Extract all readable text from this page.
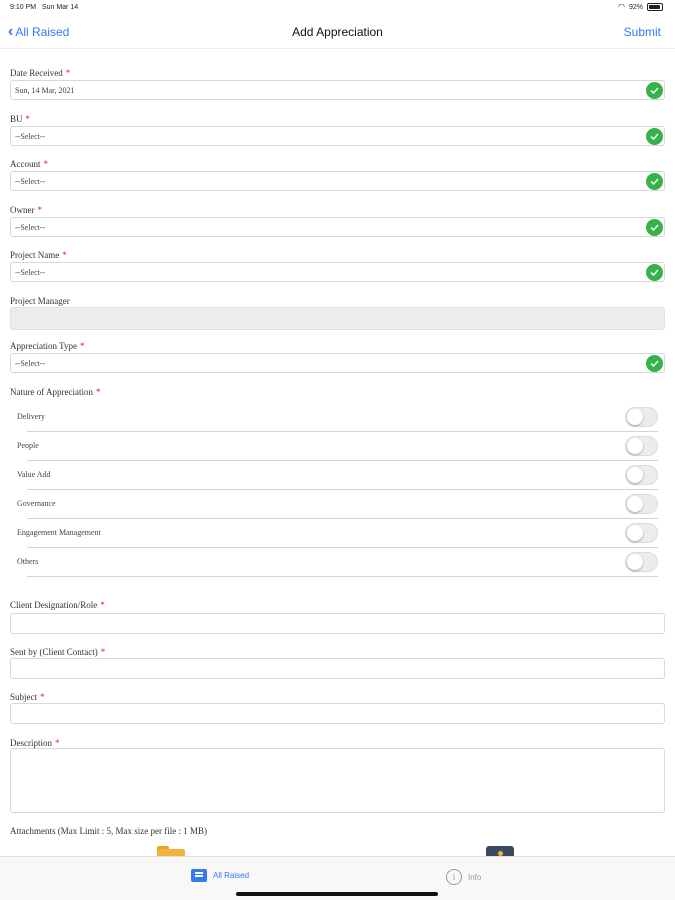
9:10 PM Sun Mar 14	◠ 92%
‹ All Raised	Add Appreciation	Submit
Date Received *
Sun, 14 Mar, 2021
BU *
--Select--
Account *
--Select--
Owner *
--Select--
Project Name *
--Select--
Project Manager
Appreciation Type *
--Select--
Nature of Appreciation *
Delivery
People
Value Add
Governance
Engagement Management
Others
Client Designation/Role *
Sent by (Client Contact) *
Subject *
Description *
Attachments (Max Limit : 5, Max size per file : 1 MB)
All Raised	i	Info
